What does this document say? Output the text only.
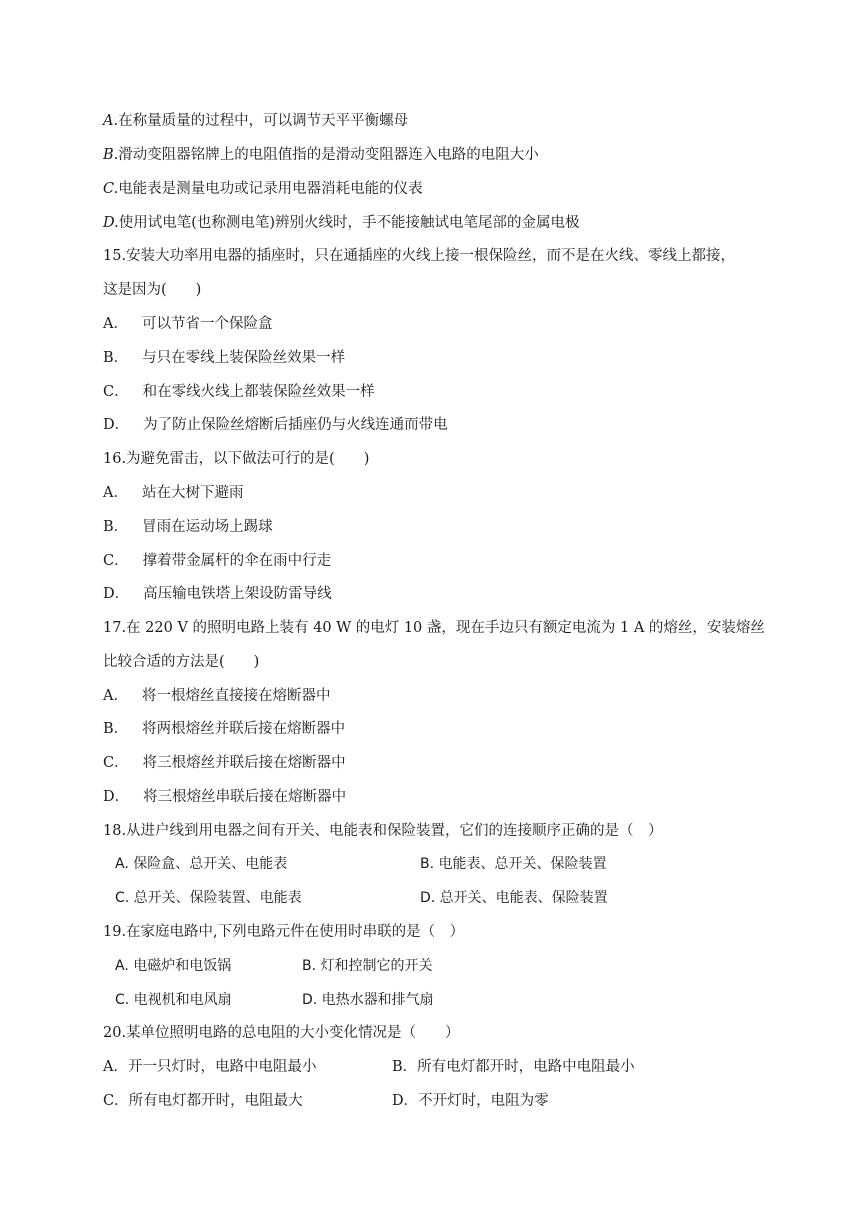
A.在称量质量的过程中，可以调节天平平衡螺母
B.滑动变阻器铭牌上的电阻值指的是滑动变阻器连入电路的电阻大小
C.电能表是测量电功或记录用电器消耗电能的仪表
D.使用试电笔(也称测电笔)辨别火线时，手不能接触试电笔尾部的金属电极
15.安装大功率用电器的插座时，只在通插座的火线上接一根保险丝，而不是在火线、零线上都接，
这是因为(　　)
A． 可以节省一个保险盒
B． 与只在零线上装保险丝效果一样
C． 和在零线火线上都装保险丝效果一样
D． 为了防止保险丝熔断后插座仍与火线连通而带电
16.为避免雷击，以下做法可行的是(　　)
A． 站在大树下避雨
B． 冒雨在运动场上踢球
C． 撑着带金属杆的伞在雨中行走
D． 高压输电铁塔上架设防雷导线
17.在 220 V 的照明电路上装有 40 W 的电灯 10 盏，现在手边只有额定电流为 1 A 的熔丝，安装熔丝
比较合适的方法是(　　)
A． 将一根熔丝直接接在熔断器中
B． 将两根熔丝并联后接在熔断器中
C． 将三根熔丝并联后接在熔断器中
D． 将三根熔丝串联后接在熔断器中
18.从进户线到用电器之间有开关、电能表和保险装置，它们的连接顺序正确的是（　）
A. 保险盒、总开关、电能表	B. 电能表、总开关、保险装置
C. 总开关、保险装置、电能表	D. 总开关、电能表、保险装置
19.在家庭电路中,下列电路元件在使用时串联的是（　）
A. 电磁炉和电饭锅	B. 灯和控制它的开关
C. 电视机和电风扇	D. 电热水器和排气扇
20.某单位照明电路的总电阻的大小变化情况是（　　）
A．开一只灯时，电路中电阻最小	B．所有电灯都开时，电路中电阻最小
C．所有电灯都开时，电阻最大	D．不开灯时，电阻为零
